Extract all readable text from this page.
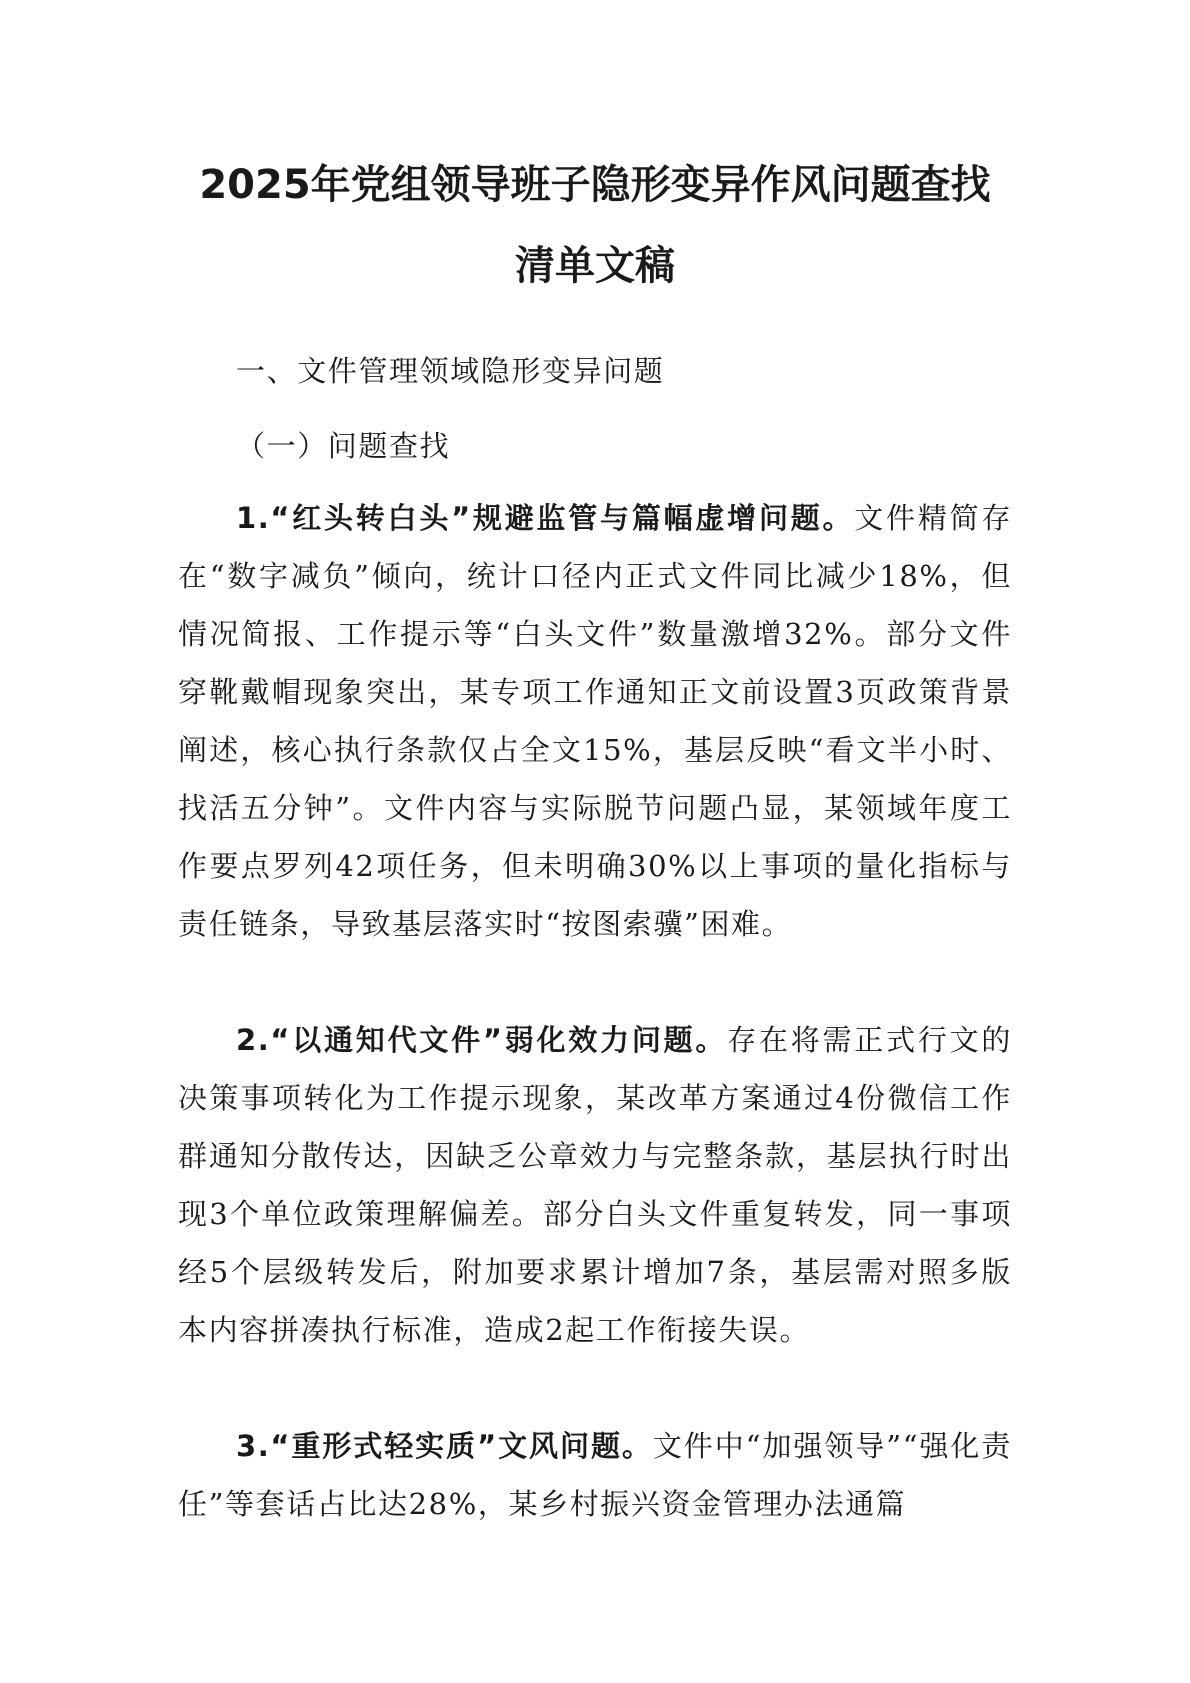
2025年党组领导班子隐形变异作风问题查找
清单文稿

一、文件管理领域隐形变异问题

（一）问题查找

1.“红头转白头”规避监管与篇幅虚增问题。文件精简存在“数字减负”倾向，统计口径内正式文件同比减少18%，但情况简报、工作提示等“白头文件”数量激增32%。部分文件穿靴戴帽现象突出，某专项工作通知正文前设置3页政策背景阐述，核心执行条款仅占全文15%，基层反映“看文半小时、找活五分钟”。文件内容与实际脱节问题凸显，某领域年度工作要点罗列42项任务，但未明确30%以上事项的量化指标与责任链条，导致基层落实时“按图索骥”困难。

2.“以通知代文件”弱化效力问题。存在将需正式行文的决策事项转化为工作提示现象，某改革方案通过4份微信工作群通知分散传达，因缺乏公章效力与完整条款，基层执行时出现3个单位政策理解偏差。部分白头文件重复转发，同一事项经5个层级转发后，附加要求累计增加7条，基层需对照多版本内容拼凑执行标准，造成2起工作衔接失误。

3.“重形式轻实质”文风问题。文件中“加强领导”“强化责任”等套话占比达28%，某乡村振兴资金管理办法通篇
